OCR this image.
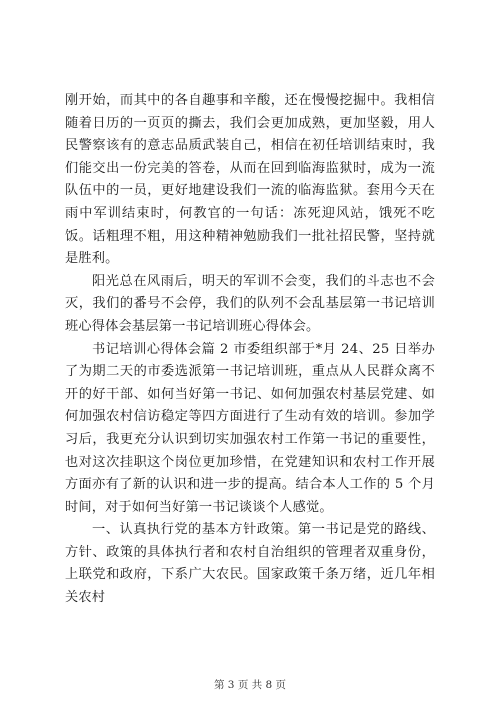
刚开始，而其中的各自趣事和辛酸，还在慢慢挖掘中。我相信随着日历的一页页的撕去，我们会更加成熟，更加坚毅，用人民警察该有的意志品质武装自己，相信在初任培训结束时，我们能交出一份完美的答卷，从而在回到临海监狱时，成为一流队伍中的一员，更好地建设我们一流的临海监狱。套用今天在雨中军训结束时，何教官的一句话：冻死迎风站，饿死不吃饭。话粗理不粗，用这种精神勉励我们一批社招民警，坚持就是胜利。

阳光总在风雨后，明天的军训不会变，我们的斗志也不会灭，我们的番号不会停，我们的队列不会乱基层第一书记培训班心得体会基层第一书记培训班心得体会。

书记培训心得体会篇 2 市委组织部于*月 24、25 日举办了为期二天的市委选派第一书记培训班，重点从人民群众离不开的好干部、如何当好第一书记、如何加强农村基层党建、如何加强农村信访稳定等四方面进行了生动有效的培训。参加学习后，我更充分认识到切实加强农村工作第一书记的重要性，也对这次挂职这个岗位更加珍惜，在党建知识和农村工作开展方面亦有了新的认识和进一步的提高。结合本人工作的 5 个月时间，对于如何当好第一书记谈谈个人感觉。

一、认真执行党的基本方针政策。第一书记是党的路线、方针、政策的具体执行者和农村自治组织的管理者双重身份，上联党和政府，下系广大农民。国家政策千条万绪，近几年相关农村

第 3 页 共 8 页
